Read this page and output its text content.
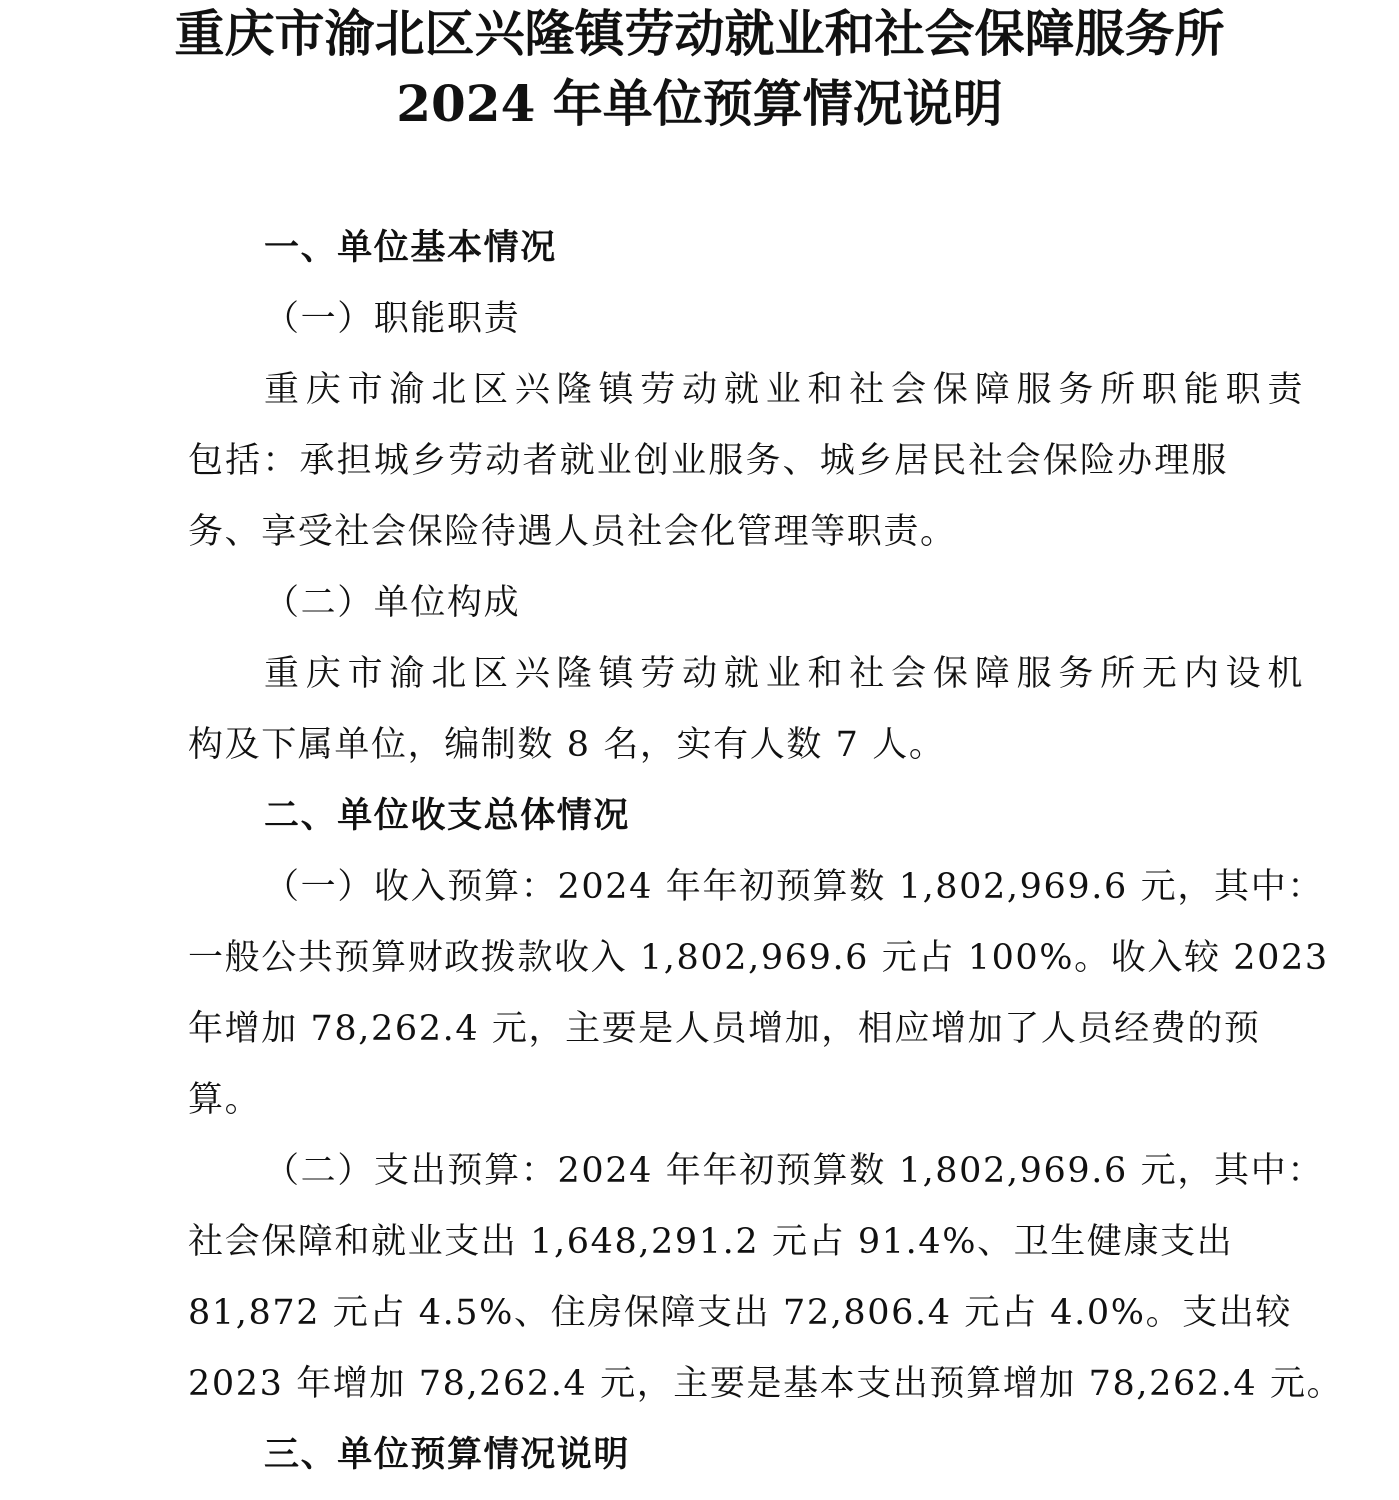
重庆市渝北区兴隆镇劳动就业和社会保障服务所
2024 年单位预算情况说明
一、单位基本情况
（一）职能职责
重庆市渝北区兴隆镇劳动就业和社会保障服务所职能职责
包括：承担城乡劳动者就业创业服务、城乡居民社会保险办理服
务、享受社会保险待遇人员社会化管理等职责。
（二）单位构成
重庆市渝北区兴隆镇劳动就业和社会保障服务所无内设机
构及下属单位，编制数 8 名，实有人数 7 人。
二、单位收支总体情况
（一）收入预算：2024 年年初预算数 1,802,969.6 元，其中：
一般公共预算财政拨款收入 1,802,969.6 元占 100%。收入较 2023
年增加 78,262.4 元，主要是人员增加，相应增加了人员经费的预
算。
（二）支出预算：2024 年年初预算数 1,802,969.6 元，其中：
社会保障和就业支出 1,648,291.2 元占 91.4%、卫生健康支出
81,872 元占 4.5%、住房保障支出 72,806.4 元占 4.0%。支出较
2023 年增加 78,262.4 元，主要是基本支出预算增加 78,262.4 元。
三、单位预算情况说明
